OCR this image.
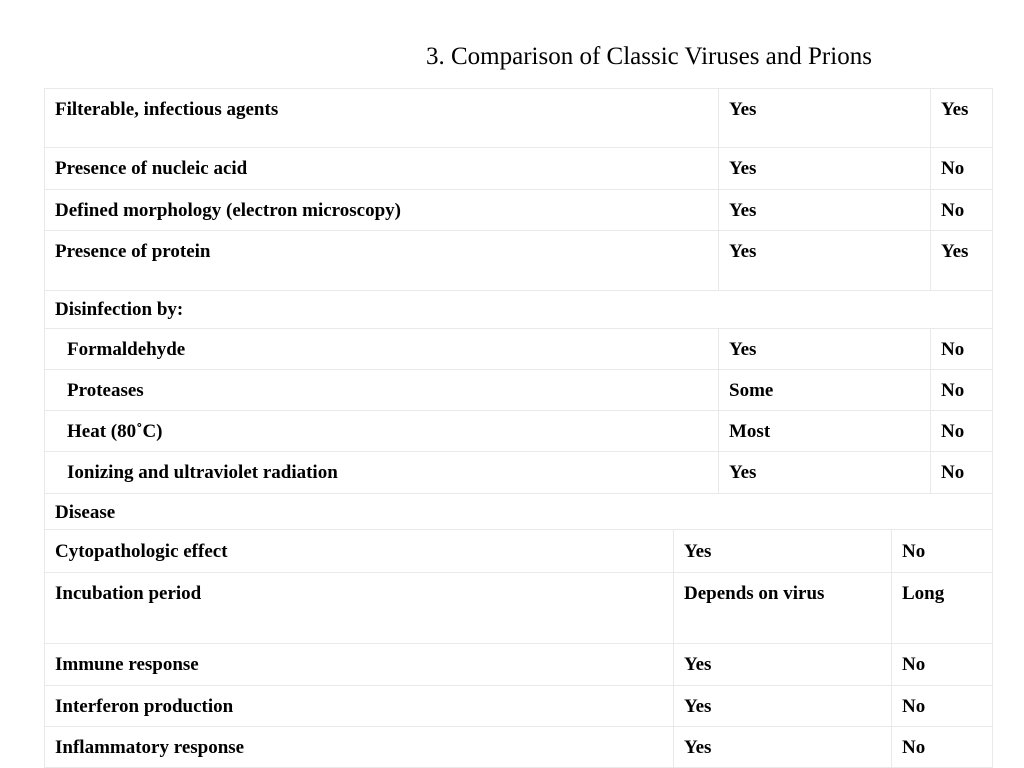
3. Comparison of Classic Viruses and Prions
Filterable, infectious agents	Yes	Yes
Presence of nucleic acid	Yes	No
Defined morphology (electron microscopy)	Yes	No
Presence of protein	Yes	Yes
Disinfection by:		
Formaldehyde	Yes	No
Proteases	Some	No
Heat (80˚C)	Most	No
Ionizing and ultraviolet radiation	Yes	No
Disease		
Cytopathologic effect	Yes	No
Incubation period	Depends on virus	Long
Immune response	Yes	No
Interferon production	Yes	No
Inflammatory response	Yes	No
